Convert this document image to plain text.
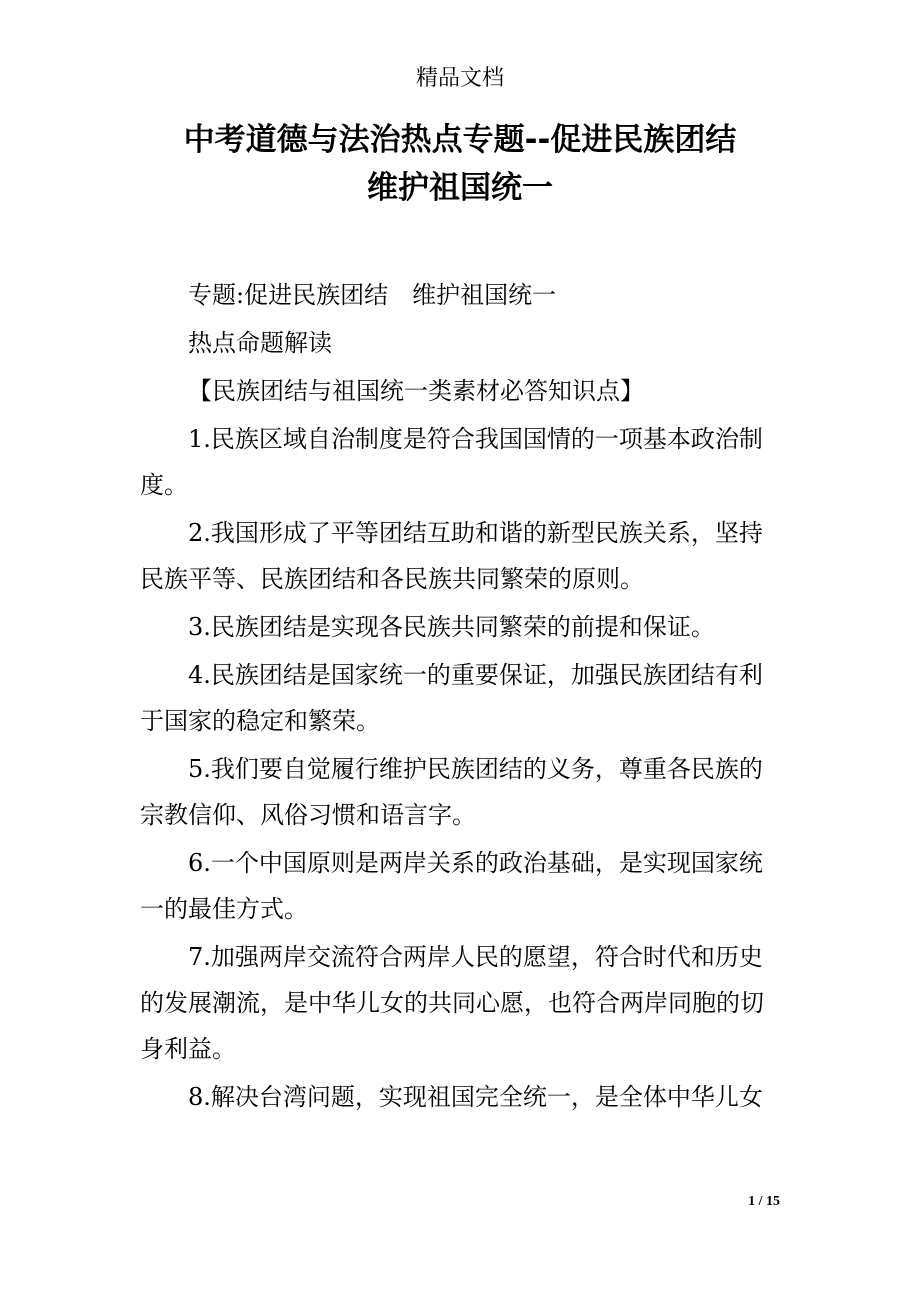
精品文档
中考道德与法治热点专题--促进民族团结
维护祖国统一

专题:促进民族团结　维护祖国统一

热点命题解读

【民族团结与祖国统一类素材必答知识点】

1.民族区域自治制度是符合我国国情的一项基本政治制度。

2.我国形成了平等团结互助和谐的新型民族关系，坚持民族平等、民族团结和各民族共同繁荣的原则。

3.民族团结是实现各民族共同繁荣的前提和保证。

4.民族团结是国家统一的重要保证，加强民族团结有利于国家的稳定和繁荣。

5.我们要自觉履行维护民族团结的义务，尊重各民族的宗教信仰、风俗习惯和语言字。

6.一个中国原则是两岸关系的政治基础，是实现国家统一的最佳方式。

7.加强两岸交流符合两岸人民的愿望，符合时代和历史的发展潮流，是中华儿女的共同心愿，也符合两岸同胞的切身利益。

8.解决台湾问题，实现祖国完全统一，是全体中华儿女

1 / 15
